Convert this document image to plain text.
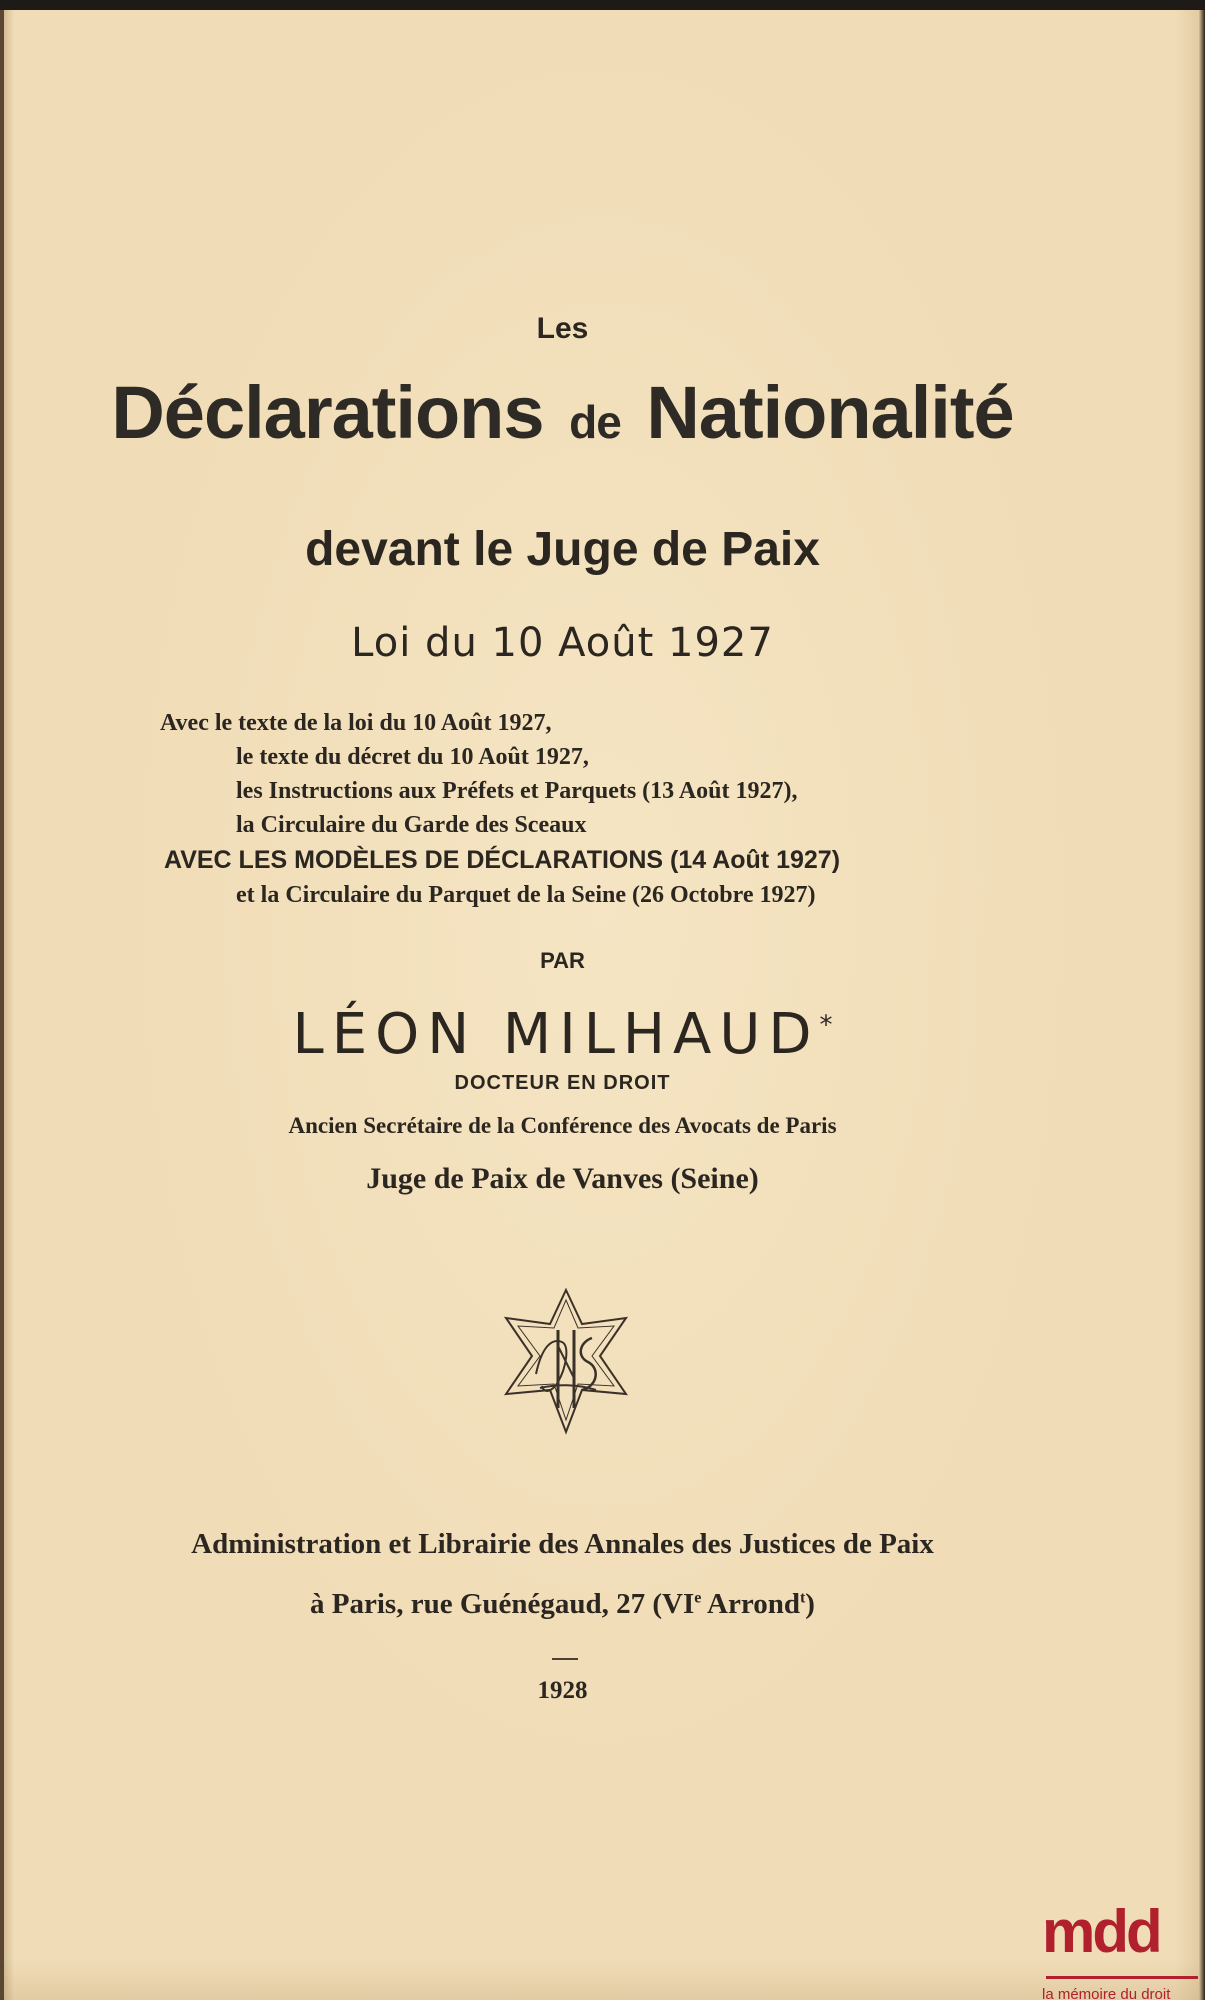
Les

Déclarations de Nationalité

devant le Juge de Paix

Loi du 10 Août 1927

Avec le texte de la loi du 10 Août 1927,
le texte du décret du 10 Août 1927,
les Instructions aux Préfets et Parquets (13 Août 1927),
la Circulaire du Garde des Sceaux
AVEC LES MODÈLES DE DÉCLARATIONS (14 Août 1927)
et la Circulaire du Parquet de la Seine (26 Octobre 1927)

PAR

LÉON MILHAUD*

DOCTEUR EN DROIT

Ancien Secrétaire de la Conférence des Avocats de Paris

Juge de Paix de Vanves (Seine)

Administration et Librairie des Annales des Justices de Paix

à Paris, rue Guénégaud, 27 (VIe Arrond$^t$)

1928

mdd
la mémoire du droit
